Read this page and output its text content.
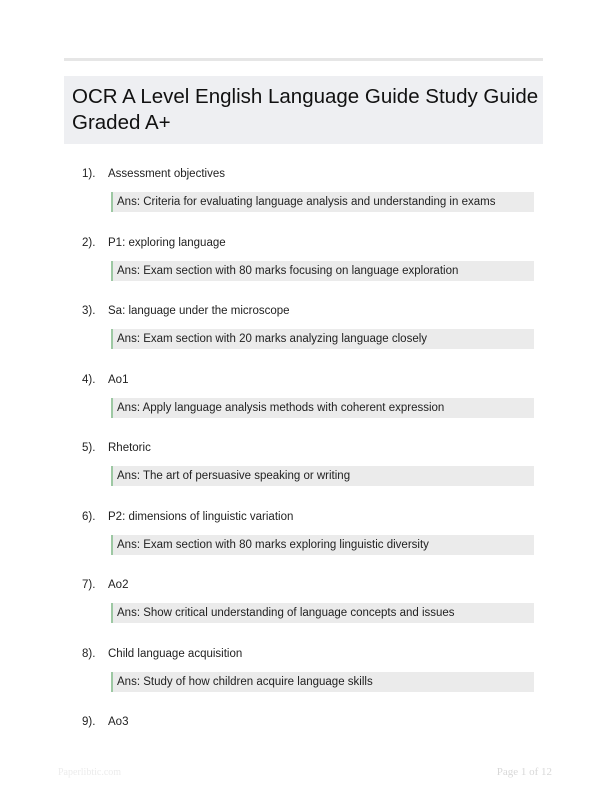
OCR A Level English Language Guide Study Guide Graded A+
1). Assessment objectives
Ans: Criteria for evaluating language analysis and understanding in exams
2). P1: exploring language
Ans: Exam section with 80 marks focusing on language exploration
3). Sa: language under the microscope
Ans: Exam section with 20 marks analyzing language closely
4). Ao1
Ans: Apply language analysis methods with coherent expression
5). Rhetoric
Ans: The art of persuasive speaking or writing
6). P2: dimensions of linguistic variation
Ans: Exam section with 80 marks exploring linguistic diversity
7). Ao2
Ans: Show critical understanding of language concepts and issues
8). Child language acquisition
Ans: Study of how children acquire language skills
9). Ao3
Paperlibtic.com	Page 1 of 12
